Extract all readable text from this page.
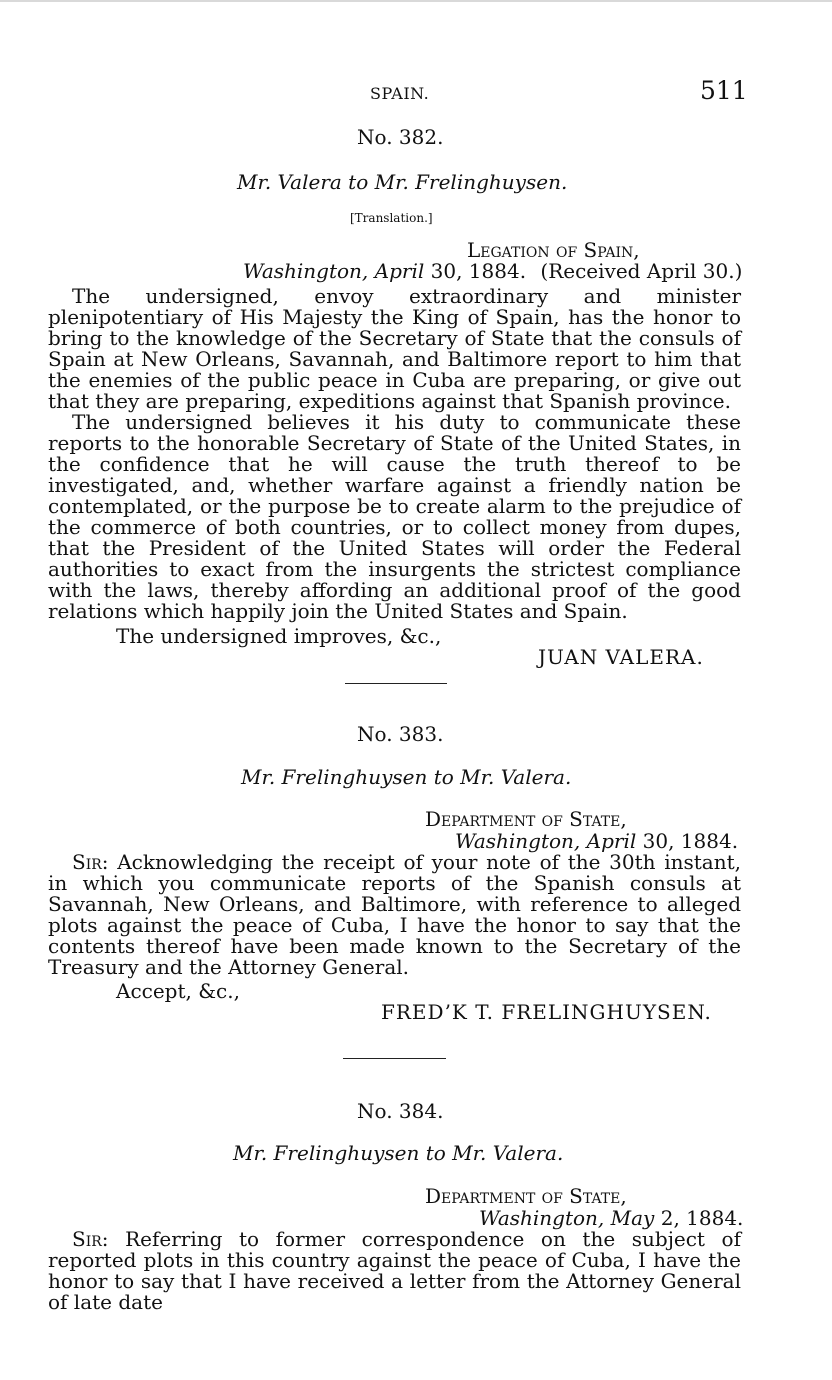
SPAIN.	511
No. 382.
Mr. Valera to Mr. Frelinghuysen.
[Translation.]
Legation of Spain,
Washington, April 30, 1884. (Received April 30.)

The undersigned, envoy extraordinary and minister plenipotentiary of His Majesty the King of Spain, has the honor to bring to the knowledge of the Secretary of State that the consuls of Spain at New Orleans, Savannah, and Baltimore report to him that the enemies of the public peace in Cuba are preparing, or give out that they are preparing, expeditions against that Spanish province.

The undersigned believes it his duty to communicate these reports to the honorable Secretary of State of the United States, in the confidence that he will cause the truth thereof to be investigated, and, whether warfare against a friendly nation be contemplated, or the purpose be to create alarm to the prejudice of the commerce of both countries, or to collect money from dupes, that the President of the United States will order the Federal authorities to exact from the insurgents the strictest compliance with the laws, thereby affording an additional proof of the good relations which happily join the United States and Spain.

The undersigned improves, &c.,
JUAN VALERA.
No. 383.
Mr. Frelinghuysen to Mr. Valera.
Department of State,
Washington, April 30, 1884.

Sir: Acknowledging the receipt of your note of the 30th instant, in which you communicate reports of the Spanish consuls at Savannah, New Orleans, and Baltimore, with reference to alleged plots against the peace of Cuba, I have the honor to say that the contents thereof have been made known to the Secretary of the Treasury and the Attorney General.

Accept, &c.,
FRED’K T. FRELINGHUYSEN.
No. 384.
Mr. Frelinghuysen to Mr. Valera.
Department of State,
Washington, May 2, 1884.

Sir: Referring to former correspondence on the subject of reported plots in this country against the peace of Cuba, I have the honor to say that I have received a letter from the Attorney General of late date
